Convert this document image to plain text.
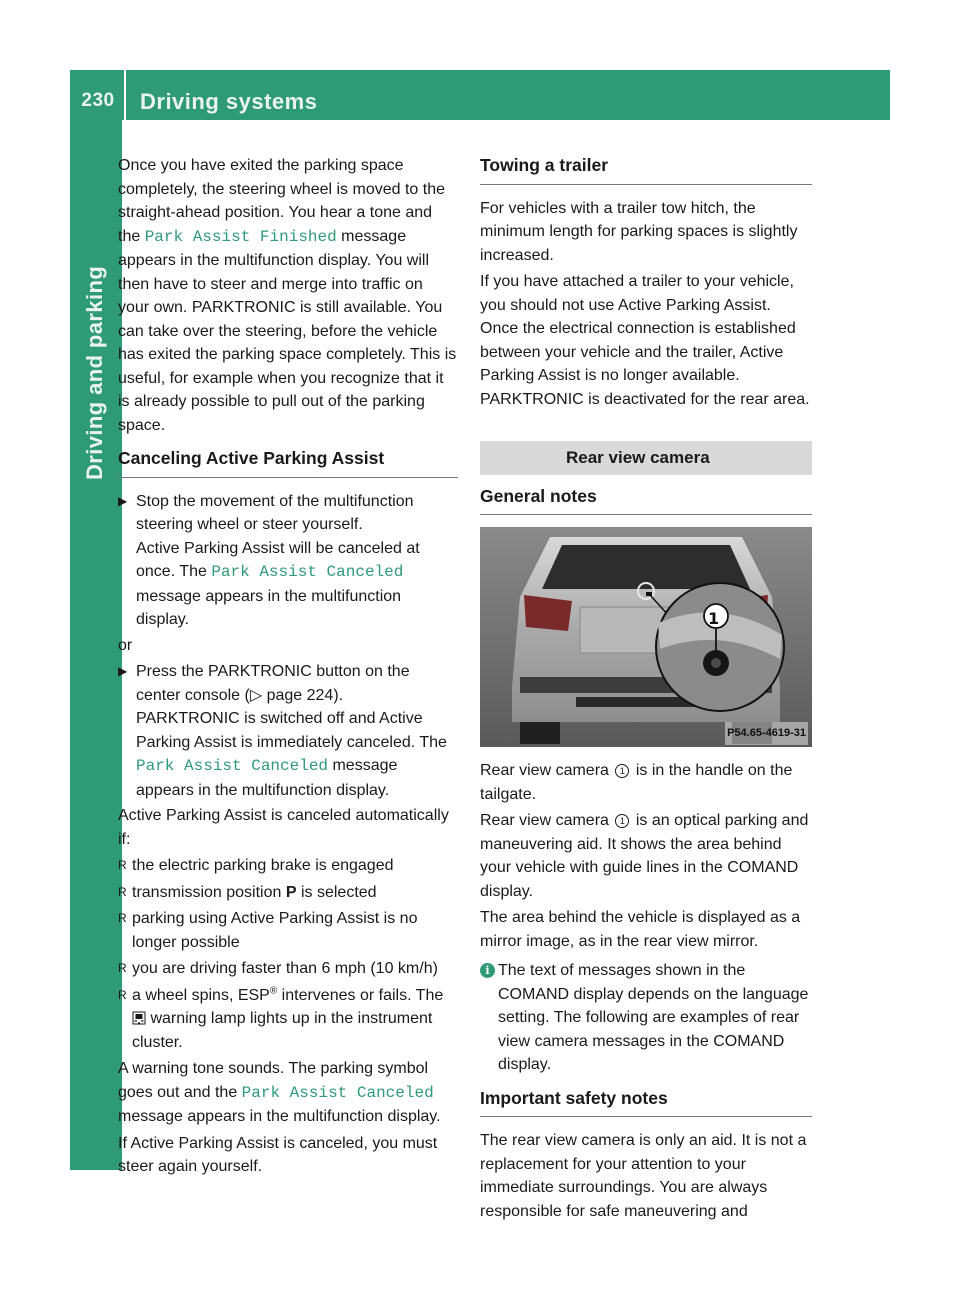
230	Driving systems
Driving and parking

Once you have exited the parking space completely, the steering wheel is moved to the straight-ahead position. You hear a tone and the Park Assist Finished message appears in the multifunction display. You will then have to steer and merge into traffic on your own. PARKTRONIC is still available. You can take over the steering, before the vehicle has exited the parking space completely. This is useful, for example when you recognize that it is already possible to pull out of the parking space.

Canceling Active Parking Assist
▶ Stop the movement of the multifunction steering wheel or steer yourself.
Active Parking Assist will be canceled at once. The Park Assist Canceled message appears in the multifunction display.

or

▶ Press the PARKTRONIC button on the center console (▷ page 224).
PARKTRONIC is switched off and Active Parking Assist is immediately canceled. The Park Assist Canceled message appears in the multifunction display.

Active Parking Assist is canceled automatically if:

R the electric parking brake is engaged
R transmission position P is selected
R parking using Active Parking Assist is no longer possible
R you are driving faster than 6 mph (10 km/h)
R a wheel spins, ESP® intervenes or fails. The
warning lamp lights up in the instrument cluster.

A warning tone sounds. The parking symbol goes out and the Park Assist Canceled message appears in the multifunction display.

If Active Parking Assist is canceled, you must steer again yourself.

Towing a trailer

For vehicles with a trailer tow hitch, the minimum length for parking spaces is slightly increased.

If you have attached a trailer to your vehicle, you should not use Active Parking Assist. Once the electrical connection is established between your vehicle and the trailer, Active Parking Assist is no longer available. PARKTRONIC is deactivated for the rear area.

Rear view camera
General notes
1
P54.65-4619-31

Rear view camera 1 is in the handle on the tailgate.

Rear view camera 1 is an optical parking and maneuvering aid. It shows the area behind your vehicle with guide lines in the COMAND display.

The area behind the vehicle is displayed as a mirror image, as in the rear view mirror.

i The text of messages shown in the COMAND display depends on the language setting. The following are examples of rear view camera messages in the COMAND display.
Important safety notes

The rear view camera is only an aid. It is not a replacement for your attention to your immediate surroundings. You are always responsible for safe maneuvering and
